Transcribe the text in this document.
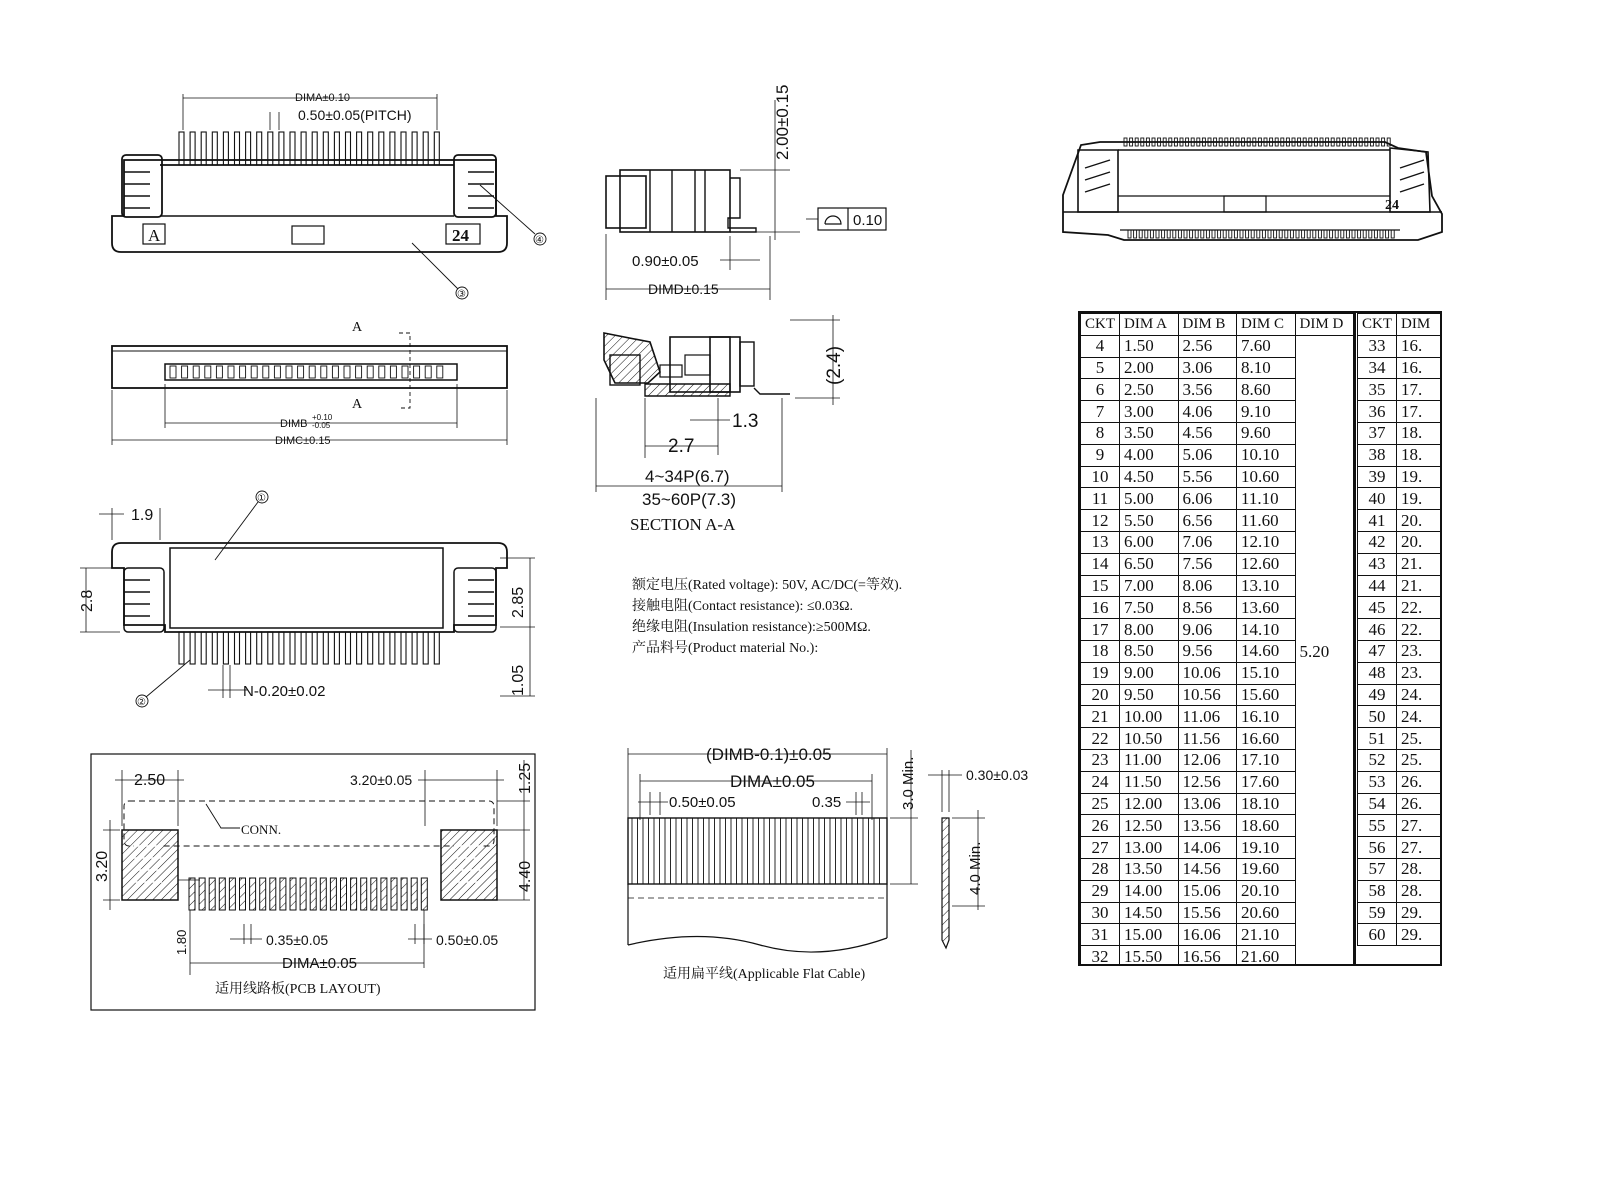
DIMA±0.10
0.50±0.05(PITCH)
A	24
③
④
A
A
DIMB
+0.10
-0.05
DIMC±0.15
1.9
2.8	2.85
1.05
N-0.20±0.02
①
②
2.50	3.20±0.05	1.25
4.40
3.20
CONN.
1.80	0.35±0.05	0.50±0.05
DIMA±0.05
适用线路板(PCB LAYOUT)
2.00±0.15
0.10
0.90±0.05
DIMD±0.15
(2.4)
1.3
2.7
4~34P(6.7)
35~60P(7.3)
SECTION A-A
额定电压(Rated voltage): 50V, AC/DC(=等效).
接触电阻(Contact resistance): ≤0.03Ω.
绝缘电阻(Insulation resistance):≥500MΩ.
产品料号(Product material No.):
(DIMB-0.1)±0.05
DIMA±0.05
0.50±0.05	0.35	3.0 Min.	0.30±0.03
4.0 Min.
适用扁平线(Applicable Flat Cable)
24
CKT	DIM A	DIM B	DIM C	DIM D
4	1.50	2.56	7.60	5.20
5	2.00	3.06	8.10	
6	2.50	3.56	8.60	
7	3.00	4.06	9.10	
8	3.50	4.56	9.60	
9	4.00	5.06	10.10	
10	4.50	5.56	10.60	
11	5.00	6.06	11.10	
12	5.50	6.56	11.60	
13	6.00	7.06	12.10	
14	6.50	7.56	12.60	
15	7.00	8.06	13.10	
16	7.50	8.56	13.60	
17	8.00	9.06	14.10	
18	8.50	9.56	14.60	
19	9.00	10.06	15.10	
20	9.50	10.56	15.60	
21	10.00	11.06	16.10	
22	10.50	11.56	16.60	
23	11.00	12.06	17.10	
24	11.50	12.56	17.60	
25	12.00	13.06	18.10	
26	12.50	13.56	18.60	
27	13.00	14.06	19.10	
28	13.50	14.56	19.60	
29	14.00	15.06	20.10	
30	14.50	15.56	20.60	
31	15.00	16.06	21.10	
32	15.50	16.56	21.60	
CKT	DIM
33	16.
34	16.
35	17.
36	17.
37	18.
38	18.
39	19.
40	19.
41	20.
42	20.
43	21.
44	21.
45	22.
46	22.
47	23.
48	23.
49	24.
50	24.
51	25.
52	25.
53	26.
54	26.
55	27.
56	27.
57	28.
58	28.
59	29.
60	29.
